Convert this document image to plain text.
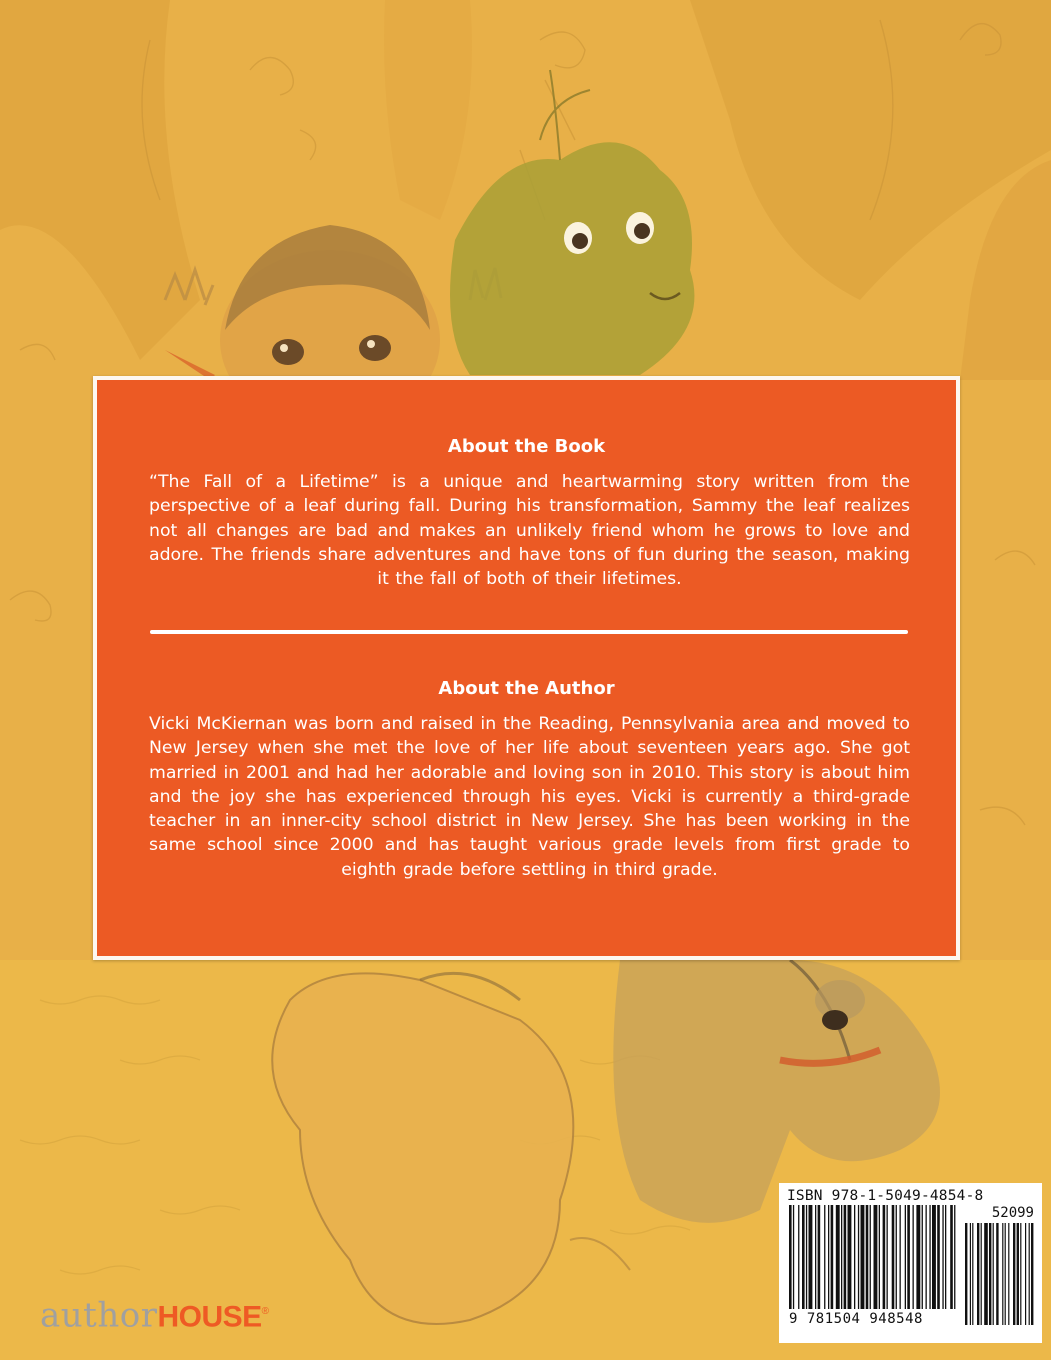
About the Book
“The Fall of a Lifetime” is a unique and heartwarming story written from the perspective of a leaf during fall. During his transformation, Sammy the leaf realizes not all changes are bad and makes an unlikely friend whom he grows to love and adore. The friends share adventures and have tons of fun during the season, making it the fall of both of their lifetimes.
About the Author
Vicki McKiernan was born and raised in the Reading, Pennsylvania area and moved to New Jersey when she met the love of her life about seventeen years ago. She got married in 2001 and had her adorable and loving son in 2010. This story is about him and the joy she has experienced through his eyes. Vicki is currently a third-grade teacher in an inner-city school district in New Jersey. She has been working in the same school since 2000 and has taught various grade levels from first grade to eighth grade before settling in third grade.
authorHOUSE®
ISBN 978-1-5049-4854-8
52099
9 781504 948548
